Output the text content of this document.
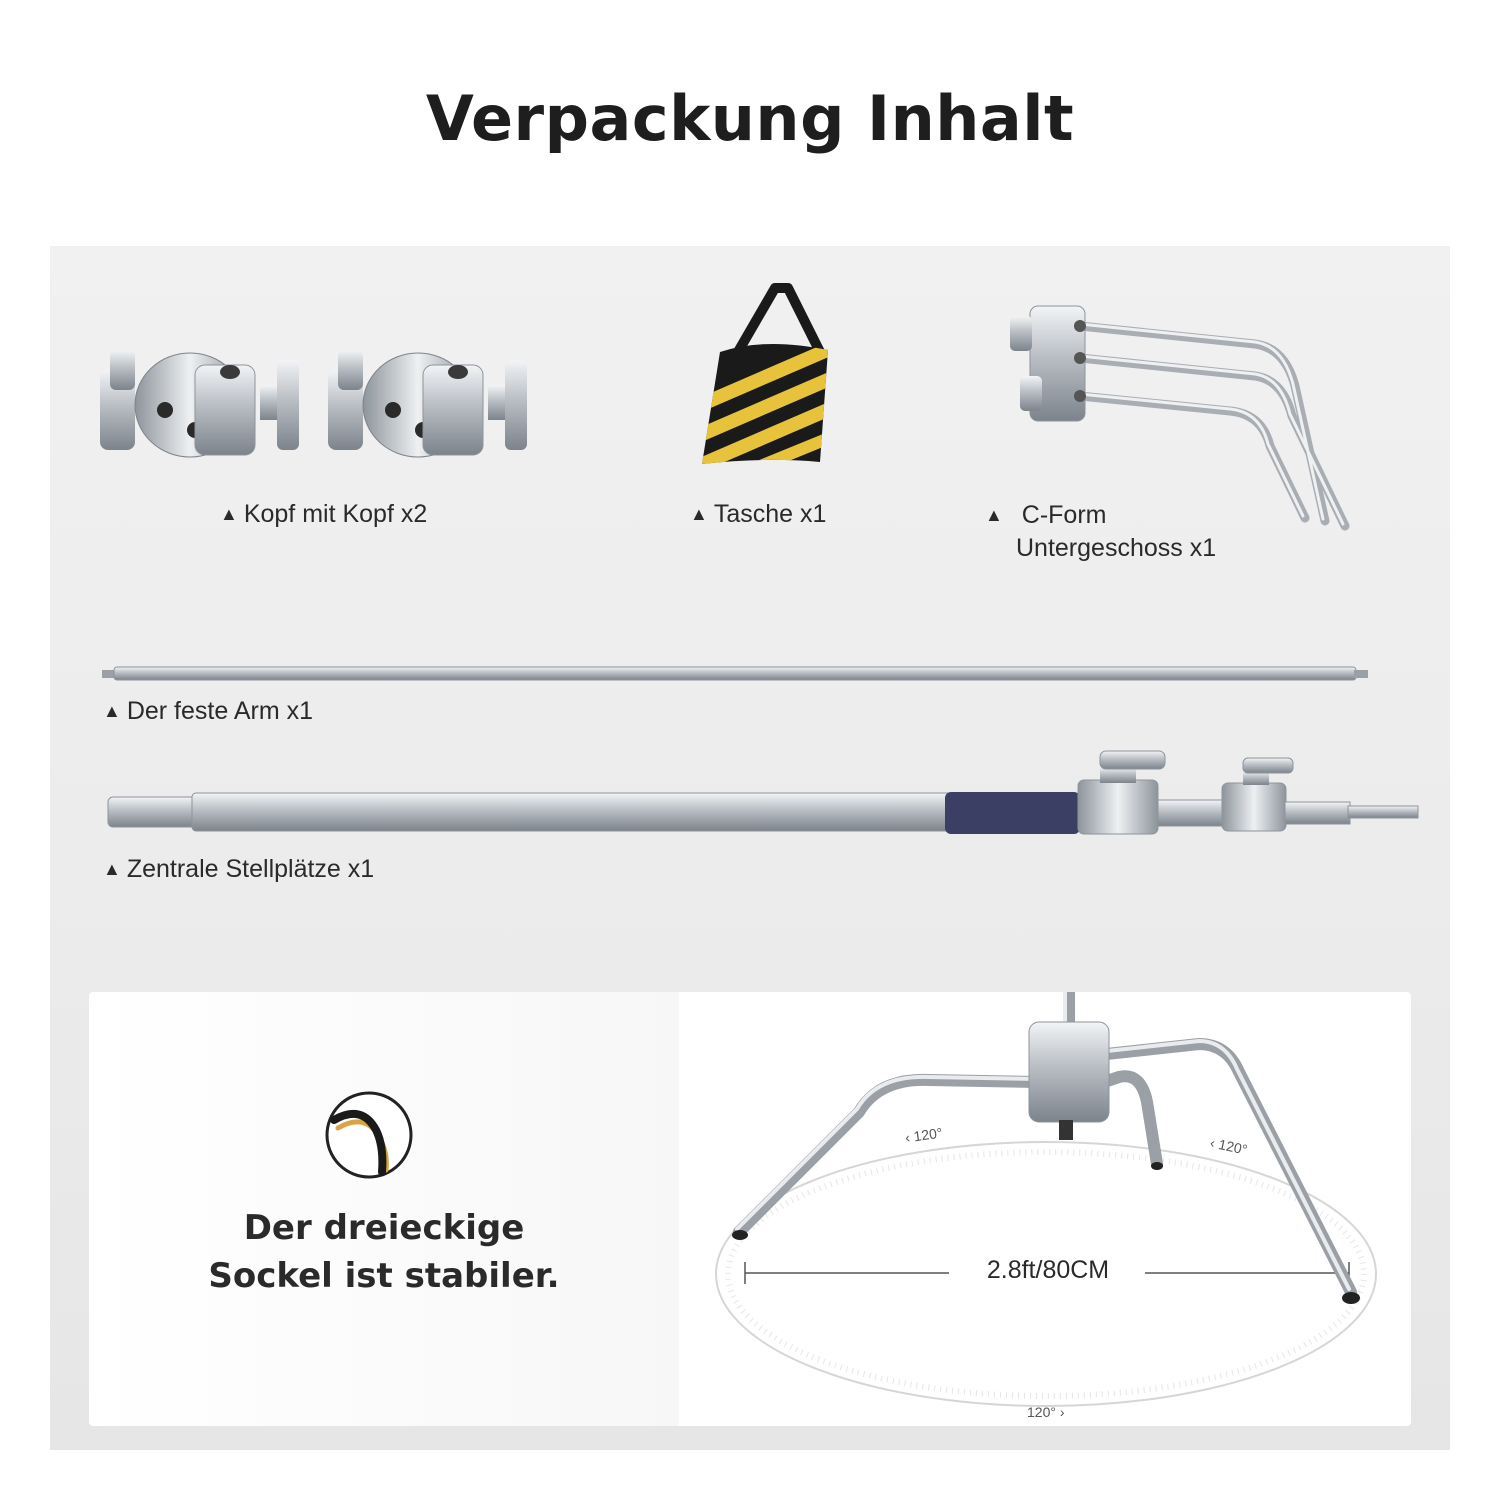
Verpackung Inhalt
▲ Kopf mit Kopf x2	▲ Tasche x1	▲ C-Form
Untergeschoss x1
▲ Der feste Arm x1
▲ Zentrale Stellplätze x1
Der dreieckige
Sockel ist stabiler.	2.8ft/80CM
‹ 120°	‹ 120°
120° ›
